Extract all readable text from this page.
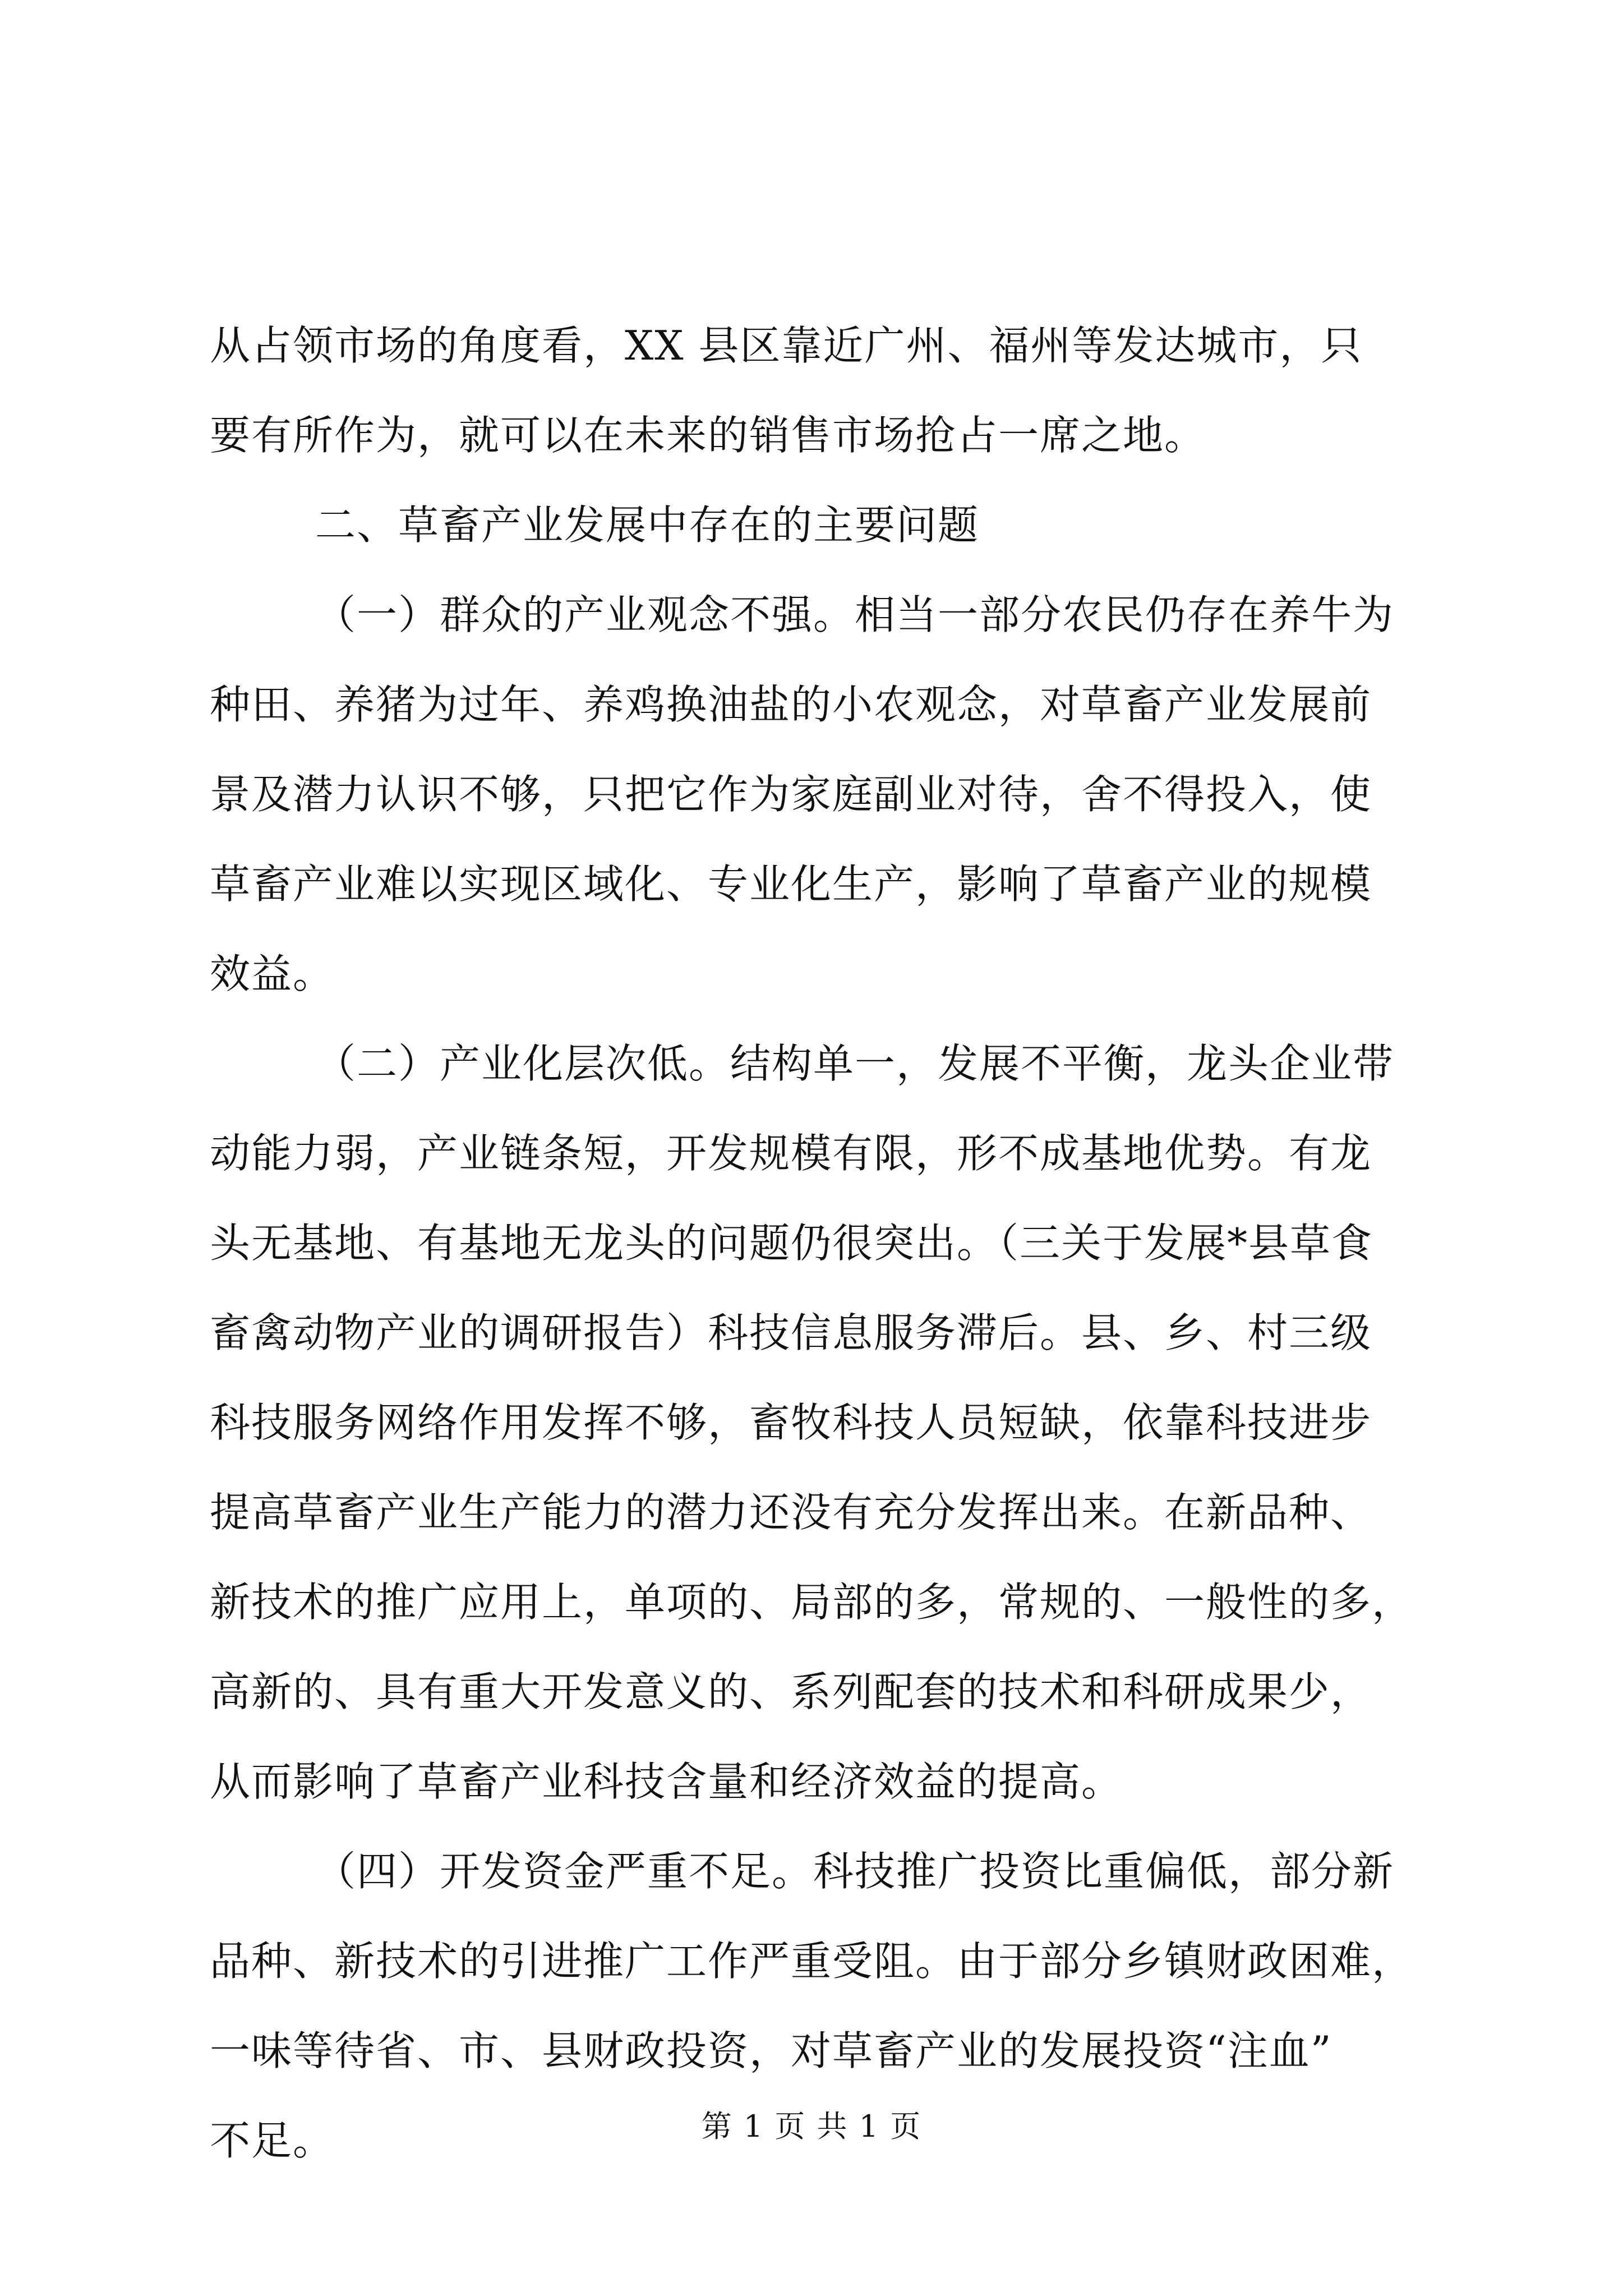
从占领市场的角度看，XX 县区靠近广州、福州等发达城市，只
要有所作为，就可以在未来的销售市场抢占一席之地。
二、草畜产业发展中存在的主要问题
（一）群众的产业观念不强。相当一部分农民仍存在养牛为
种田、养猪为过年、养鸡换油盐的小农观念，对草畜产业发展前
景及潜力认识不够，只把它作为家庭副业对待，舍不得投入，使
草畜产业难以实现区域化、专业化生产，影响了草畜产业的规模
效益。
（二）产业化层次低。结构单一，发展不平衡，龙头企业带
动能力弱，产业链条短，开发规模有限，形不成基地优势。有龙
头无基地、有基地无龙头的问题仍很突出。（三关于发展*县草食
畜禽动物产业的调研报告）科技信息服务滞后。县、乡、村三级
科技服务网络作用发挥不够，畜牧科技人员短缺，依靠科技进步
提高草畜产业生产能力的潜力还没有充分发挥出来。在新品种、
新技术的推广应用上，单项的、局部的多，常规的、一般性的多，
高新的、具有重大开发意义的、系列配套的技术和科研成果少，
从而影响了草畜产业科技含量和经济效益的提高。
（四）开发资金严重不足。科技推广投资比重偏低，部分新
品种、新技术的引进推广工作严重受阻。由于部分乡镇财政困难，
一味等待省、市、县财政投资，对草畜产业的发展投资“注血”
不足。	第 1 页 共 1 页
